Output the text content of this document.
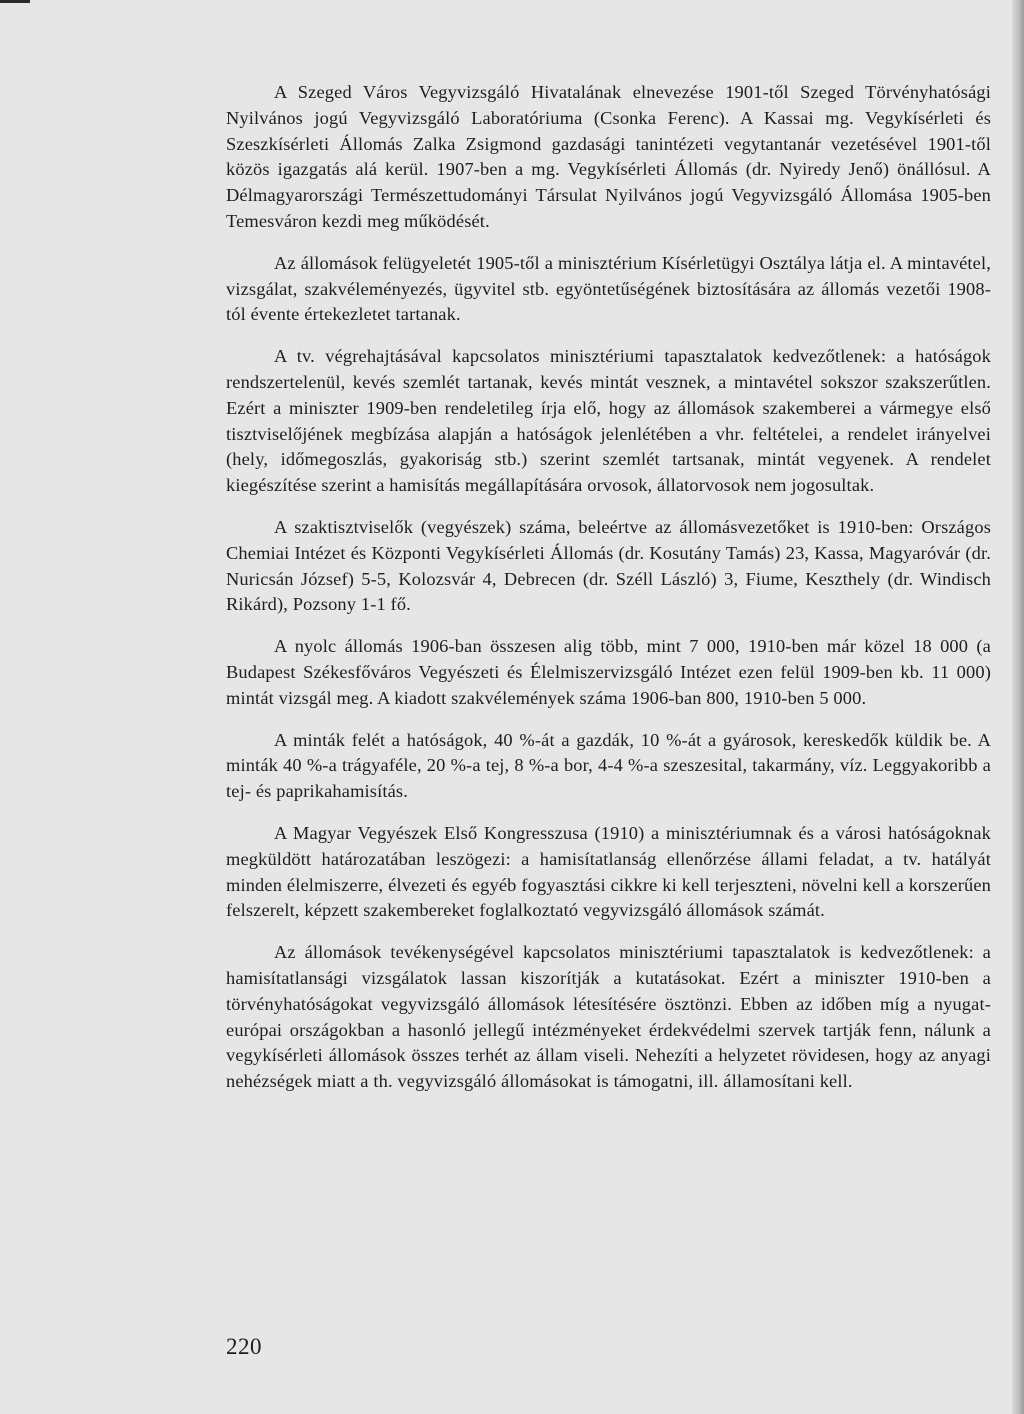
A Szeged Város Vegyvizsgáló Hivatalának elnevezése 1901-től Szeged Törvényhatósági Nyilvános jogú Vegyvizsgáló Laboratóriuma (Csonka Ferenc). A Kassai mg. Vegykísérleti és Szeszkísérleti Állomás Zalka Zsigmond gazdasági tanintézeti vegytantanár vezetésével 1901-től közös igazgatás alá kerül. 1907-ben a mg. Vegykísérleti Állomás (dr. Nyiredy Jenő) önállósul. A Délmagyarországi Természettudományi Társulat Nyilvános jogú Vegyvizsgáló Állomása 1905-ben Temesváron kezdi meg működését.

Az állomások felügyeletét 1905-től a minisztérium Kísérletügyi Osztálya látja el. A mintavétel, vizsgálat, szakvéleményezés, ügyvitel stb. egyöntetűségének biztosítására az állomás vezetői 1908-tól évente értekezletet tartanak.

A tv. végrehajtásával kapcsolatos minisztériumi tapasztalatok kedvezőtlenek: a hatóságok rendszertelenül, kevés szemlét tartanak, kevés mintát vesznek, a mintavétel sokszor szakszerűtlen. Ezért a miniszter 1909-ben rendeletileg írja elő, hogy az állomások szakemberei a vármegye első tisztviselőjének megbízása alapján a hatóságok jelenlétében a vhr. feltételei, a rendelet irányelvei (hely, időmegoszlás, gyakoriság stb.) szerint szemlét tartsanak, mintát vegyenek. A rendelet kiegészítése szerint a hamisítás megállapítására orvosok, állatorvosok nem jogosultak.

A szaktisztviselők (vegyészek) száma, beleértve az állomásvezetőket is 1910-ben: Országos Chemiai Intézet és Központi Vegykísérleti Állomás (dr. Kosutány Tamás) 23, Kassa, Magyaróvár (dr. Nuricsán József) 5-5, Kolozsvár 4, Debrecen (dr. Széll László) 3, Fiume, Keszthely (dr. Windisch Rikárd), Pozsony 1-1 fő.

A nyolc állomás 1906-ban összesen alig több, mint 7 000, 1910-ben már közel 18 000 (a Budapest Székesfőváros Vegyészeti és Élelmiszervizsgáló Intézet ezen felül 1909-ben kb. 11 000) mintát vizsgál meg. A kiadott szakvélemények száma 1906-ban 800, 1910-ben 5 000.

A minták felét a hatóságok, 40 %-át a gazdák, 10 %-át a gyárosok, kereskedők küldik be. A minták 40 %-a trágyaféle, 20 %-a tej, 8 %-a bor, 4-4 %-a szeszesital, takarmány, víz. Leggyakoribb a tej- és paprikahamisítás.

A Magyar Vegyészek Első Kongresszusa (1910) a minisztériumnak és a városi hatóságoknak megküldött határozatában leszögezi: a hamisítatlanság ellenőrzése állami feladat, a tv. hatályát minden élelmiszerre, élvezeti és egyéb fogyasztási cikkre ki kell terjeszteni, növelni kell a korszerűen felszerelt, képzett szakembereket foglalkoztató vegyvizsgáló állomások számát.

Az állomások tevékenységével kapcsolatos minisztériumi tapasztalatok is kedvezőtlenek: a hamisítatlansági vizsgálatok lassan kiszorítják a kutatásokat. Ezért a miniszter 1910-ben a törvényhatóságokat vegyvizsgáló állomások létesítésére ösztönzi. Ebben az időben míg a nyugat-európai országokban a hasonló jellegű intézményeket érdekvédelmi szervek tartják fenn, nálunk a vegykísérleti állomások összes terhét az állam viseli. Nehezíti a helyzetet rövidesen, hogy az anyagi nehézségek miatt a th. vegyvizsgáló állomásokat is támogatni, ill. államosítani kell.

220
